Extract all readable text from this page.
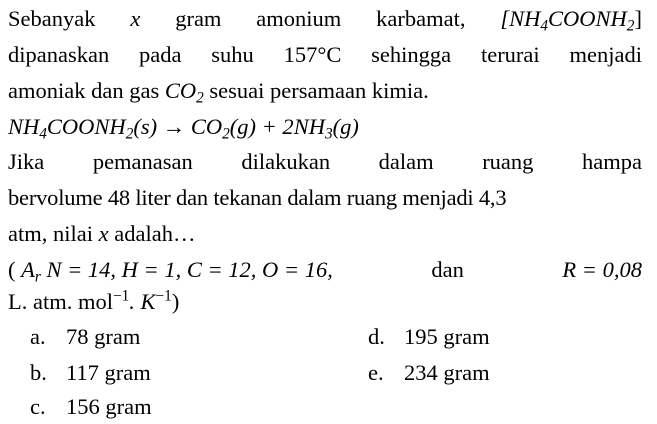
Sebanyak x gram amonium karbamat, $[NH_4COONH_2]$
dipanaskan pada suhu 157°C sehingga terurai menjadi
amoniak dan gas $CO_2$ sesuai persamaan kimia.
$NH_4COONH_2(s) \to CO_2(g) + 2NH_3(g)$
Jika pemanasan dilakukan dalam ruang hampa
bervolume 48 liter dan tekanan dalam ruang menjadi 4,3
atm, nilai x adalah…
( $A_r$ N = 14, H = 1, C = 12, O = 16,	dan	R = 0,08
L. atm. mol$^{-1}$. $K^{-1}$)
a. 78 gram
b. 117 gram
c. 156 gram
d. 195 gram
e. 234 gram
